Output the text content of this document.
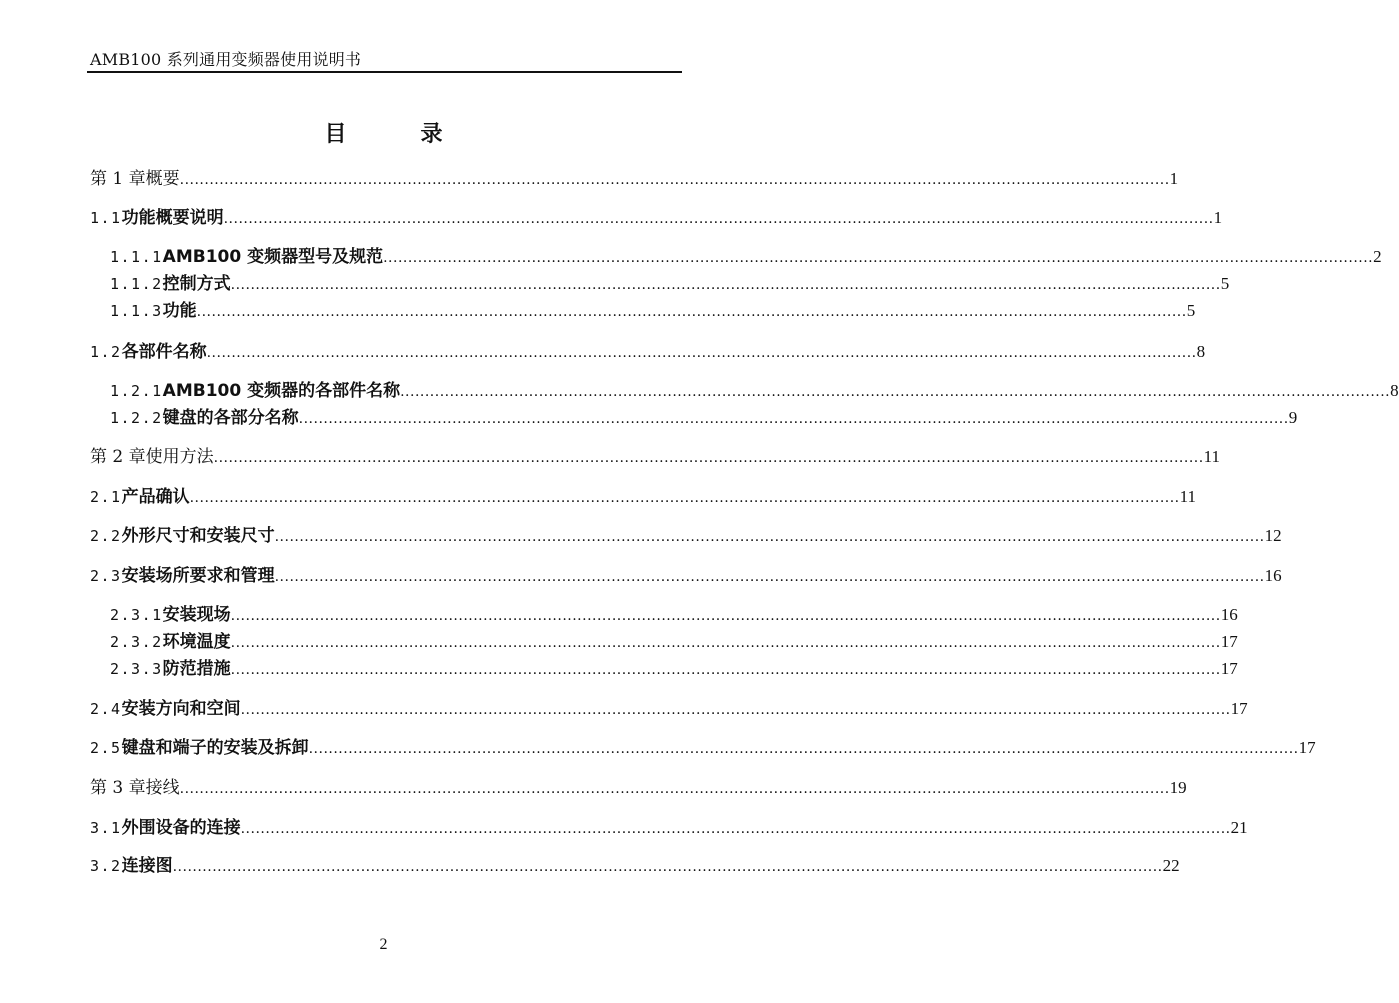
AMB100 系列通用变频器使用说明书
目　录
第 1 章 概要 ........................................................................................................................................................................................................ 1
1.1 功能概要说明 ........................................................................................................................................................................................................ 1
1.1.1 AMB100 变频器型号及规范 ........................................................................................................................................................................................................ 2
1.1.2 控制方式 ........................................................................................................................................................................................................ 5
1.1.3 功能 ........................................................................................................................................................................................................ 5
1.2 各部件名称 ........................................................................................................................................................................................................ 8
1.2.1 AMB100 变频器的各部件名称 ........................................................................................................................................................................................................ 8
1.2.2 键盘的各部分名称 ........................................................................................................................................................................................................ 9
第 2 章 使用方法 ........................................................................................................................................................................................................ 11
2.1 产品确认 ........................................................................................................................................................................................................ 11
2.2 外形尺寸和安装尺寸 ........................................................................................................................................................................................................ 12
2.3 安装场所要求和管理 ........................................................................................................................................................................................................ 16
2.3.1 安装现场 ........................................................................................................................................................................................................ 16
2.3.2 环境温度 ........................................................................................................................................................................................................ 17
2.3.3 防范措施 ........................................................................................................................................................................................................ 17
2.4 安装方向和空间 ........................................................................................................................................................................................................ 17
2.5 键盘和端子的安装及拆卸 ........................................................................................................................................................................................................ 17
第 3 章 接线 ........................................................................................................................................................................................................ 19
3.1 外围设备的连接 ........................................................................................................................................................................................................ 21
3.2 连接图 ........................................................................................................................................................................................................ 22
2
